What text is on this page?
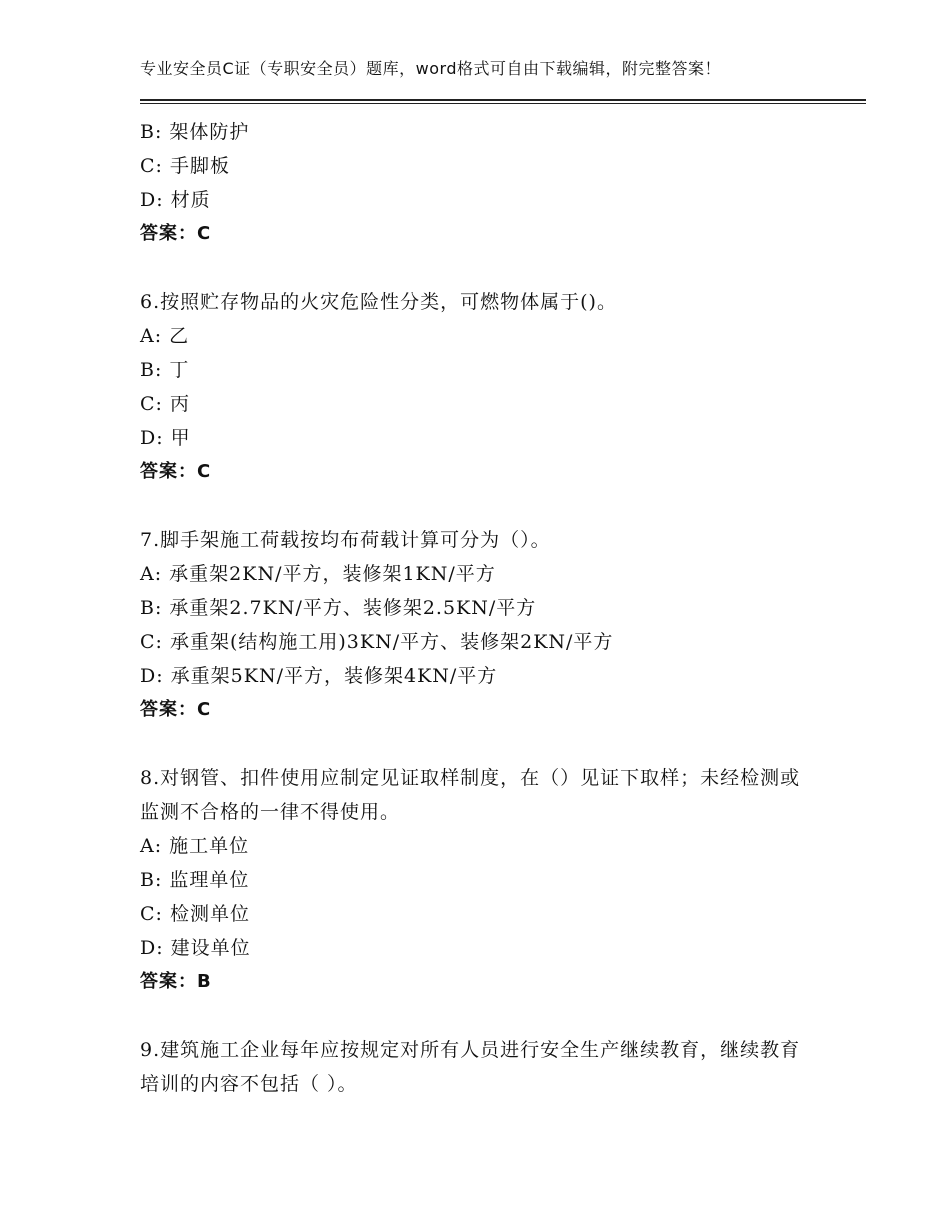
专业安全员C证（专职安全员）题库，word格式可自由下载编辑，附完整答案！
B: 架体防护
C: 手脚板
D: 材质
答案：C
6.按照贮存物品的火灾危险性分类，可燃物体属于()。
A: 乙
B: 丁
C: 丙
D: 甲
答案：C
7.脚手架施工荷载按均布荷载计算可分为（）。
A: 承重架2KN/平方，装修架1KN/平方
B: 承重架2.7KN/平方、装修架2.5KN/平方
C: 承重架(结构施工用)3KN/平方、装修架2KN/平方
D: 承重架5KN/平方，装修架4KN/平方
答案：C
8.对钢管、扣件使用应制定见证取样制度，在（）见证下取样；未经检测或监测不合格的一律不得使用。
A: 施工单位
B: 监理单位
C: 检测单位
D: 建设单位
答案：B
9.建筑施工企业每年应按规定对所有人员进行安全生产继续教育，继续教育培训的内容不包括（ ）。
